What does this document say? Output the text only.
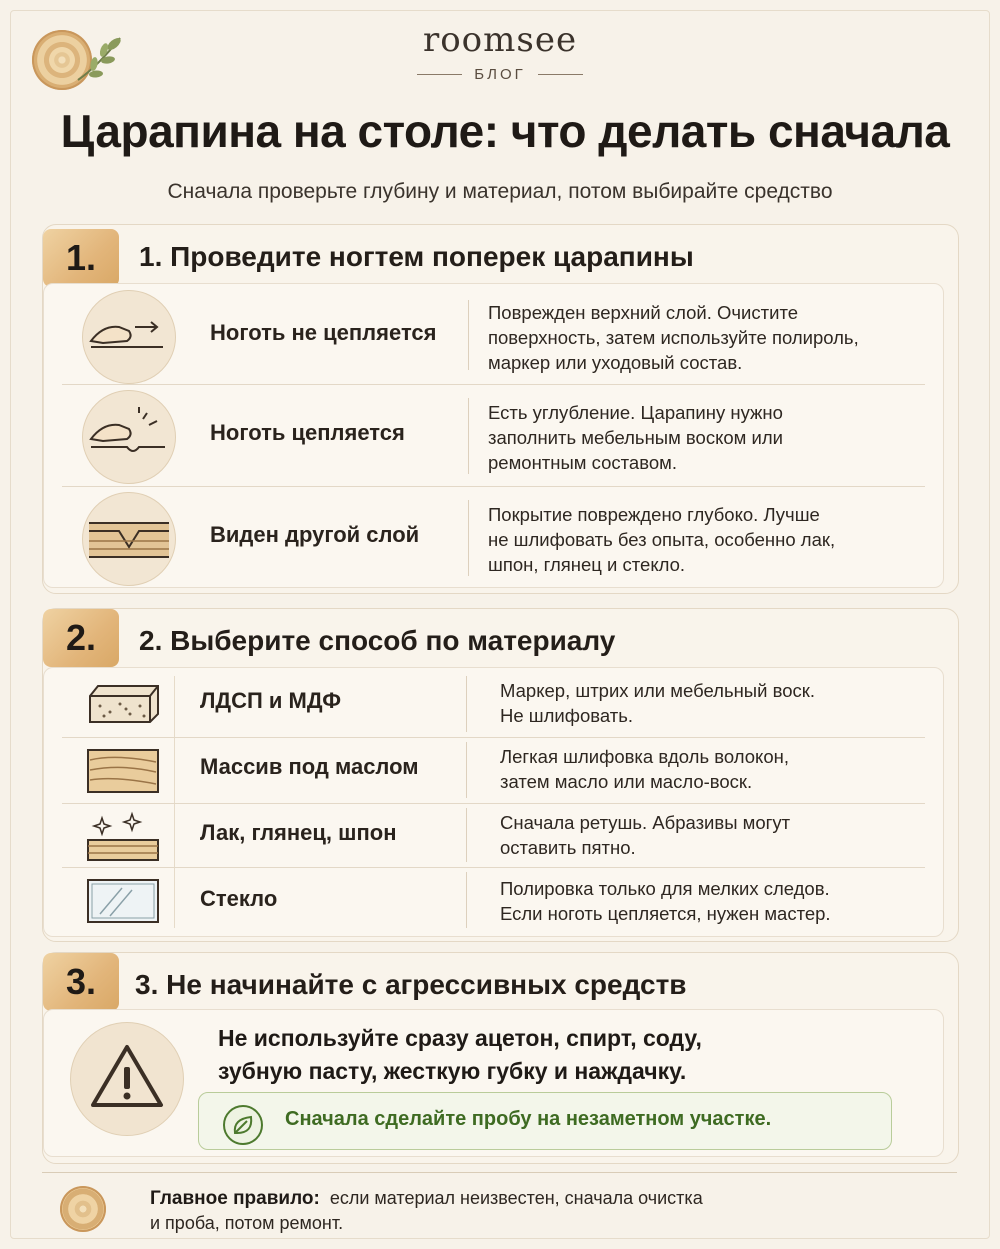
roomsee
БЛОГ
Царапина на столе: что делать сначала
Сначала проверьте глубину и материал, потом выбирайте средство
1.	1. Проведите ногтем поперек царапины
Ноготь не цепляется
Поврежден верхний слой. Очистите
поверхность, затем используйте полироль,
маркер или уходовый состав.
Ноготь цепляется
Есть углубление. Царапину нужно
заполнить мебельным воском или
ремонтным составом.
Виден другой слой
Покрытие повреждено глубоко. Лучше
не шлифовать без опыта, особенно лак,
шпон, глянец и стекло.
2.	2. Выберите способ по материалу
ЛДСП и МДФ	Маркер, штрих или мебельный воск.
Не шлифовать.
Массив под маслом	Легкая шлифовка вдоль волокон,
затем масло или масло-воск.
Лак, глянец, шпон	Сначала ретушь. Абразивы могут
оставить пятно.
Стекло	Полировка только для мелких следов.
Если ноготь цепляется, нужен мастер.
3.	3. Не начинайте с агрессивных средств
Не используйте сразу ацетон, спирт, соду,
зубную пасту, жесткую губку и наждачку.
Сначала сделайте пробу на незаметном участке.
Главное правило: если материал неизвестен, сначала очистка
и проба, потом ремонт.
